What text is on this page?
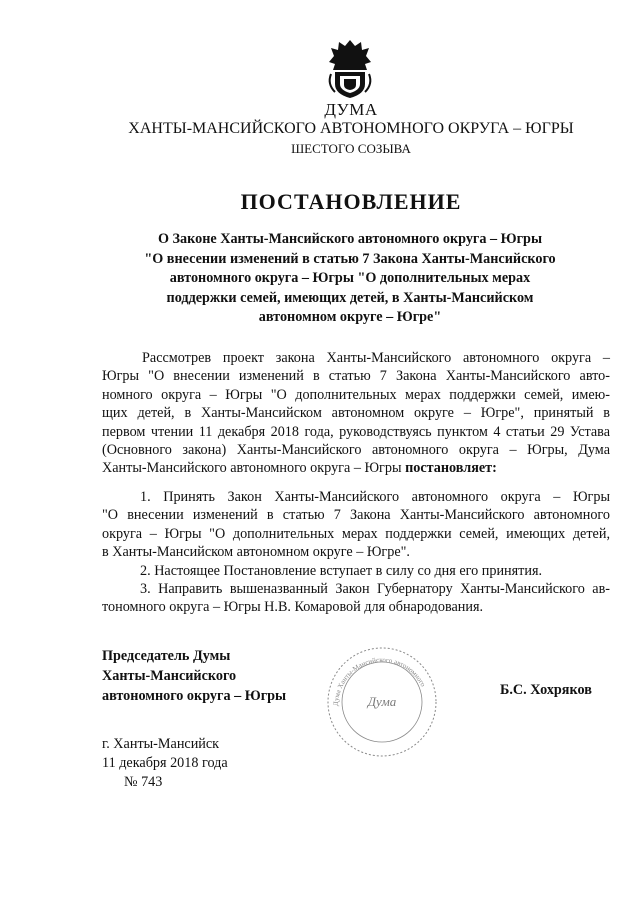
ДУМА
ХАНТЫ-МАНСИЙСКОГО АВТОНОМНОГО ОКРУГА – ЮГРЫ
ШЕСТОГО СОЗЫВА
ПОСТАНОВЛЕНИЕ
О Законе Ханты-Мансийского автономного округа – Югры
"О внесении изменений в статью 7 Закона Ханты-Мансийского
автономного округа – Югры "О дополнительных мерах
поддержки семей, имеющих детей, в Ханты-Мансийском
автономном округе – Югре"
Рассмотрев проект закона Ханты-Мансийского автономного округа –
Югры "О внесении изменений в статью 7 Закона Ханты-Мансийского авто-
номного округа – Югры "О дополнительных мерах поддержки семей, имею-
щих детей, в Ханты-Мансийском автономном округе – Югре", принятый в
первом чтении 11 декабря 2018 года, руководствуясь пунктом 4 статьи 29 Устава
(Основного закона) Ханты-Мансийского автономного округа – Югры, Дума
Ханты-Мансийского автономного округа – Югры постановляет:
1. Принять Закон Ханты-Мансийского автономного округа – Югры
"О внесении изменений в статью 7 Закона Ханты-Мансийского автономного
округа – Югры "О дополнительных мерах поддержки семей, имеющих детей,
в Ханты-Мансийском автономном округе – Югре".
2. Настоящее Постановление вступает в силу со дня его принятия.
3. Направить вышеназванный Закон Губернатору Ханты-Мансийского ав-
тономного округа – Югры Н.В. Комаровой для обнародования.
Председатель Думы
Ханты-Мансийского
автономного округа – Югры	Дума Ханты-Мансийского автономного
Дума
Б.С. Хохряков
г. Ханты-Мансийск
11 декабря 2018 года
№ 743
